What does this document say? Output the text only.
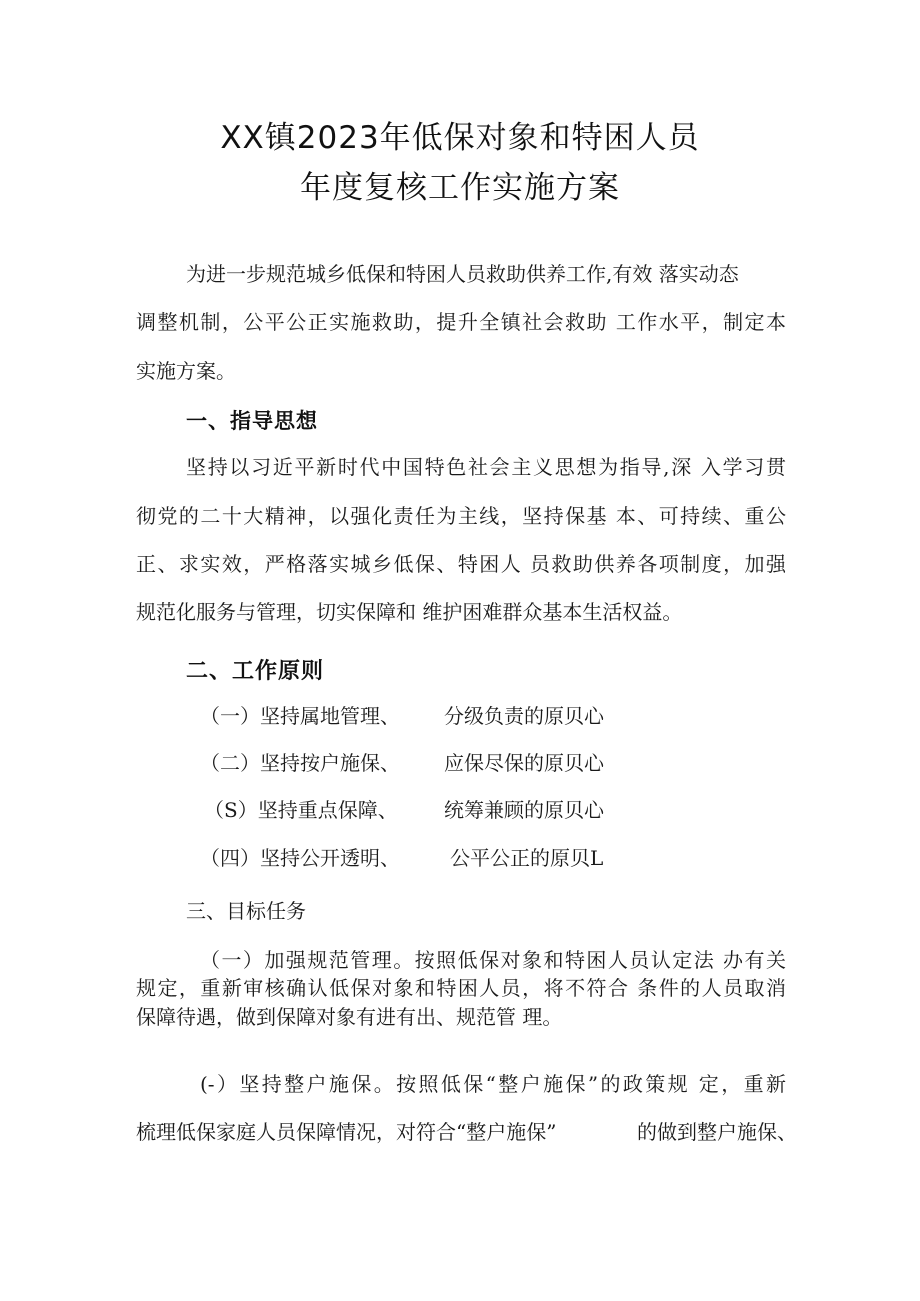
XX镇2023年低保对象和特困人员
年度复核工作实施方案
为进一步规范城乡低保和特困人员救助供养工作,有效 落实动态
调整机制，公平公正实施救助，提升全镇社会救助 工作水平，制定本
实施方案。
一、指导思想
坚持以习近平新时代中国特色社会主义思想为指导,深 入学习贯
彻党的二十大精神，以强化责任为主线，坚持保基 本、可持续、重公
正、求实效，严格落实城乡低保、特困人 员救助供养各项制度，加强
规范化服务与管理，切实保障和 维护困难群众基本生活权益。
二、工作原则
（一）坚持属地管理、 分级负责的原贝心
（二）坚持按户施保、 应保尽保的原贝心
（S）坚持重点保障、 统筹兼顾的原贝心
（四）坚持公开透明、	公平公正的原贝L
三、目标任务
（一）加强规范管理。按照低保对象和特困人员认定法 办有关
规定，重新审核确认低保对象和特困人员，将不符合 条件的人员取消
保障待遇，做到保障对象有进有出、规范管 理。
(-）坚持整户施保。按照低保“整户施保”的政策规 定，重新
梳理低保家庭人员保障情况，对符合“整户施保”	的做到整户施保、
